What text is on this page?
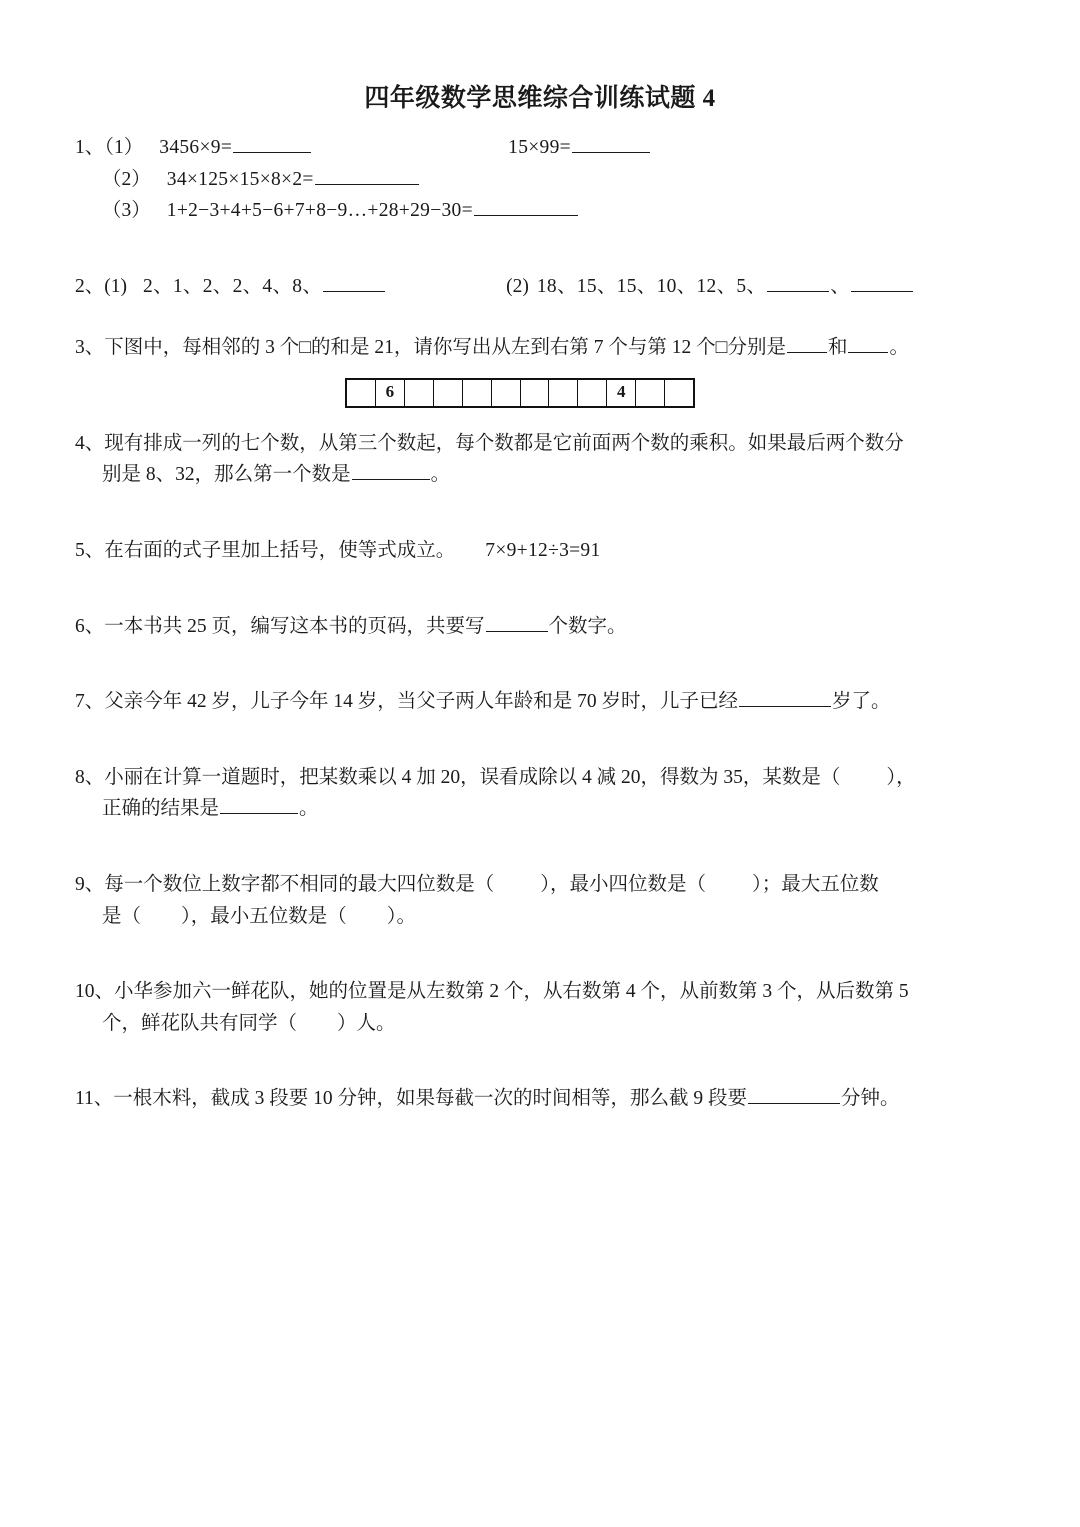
四年级数学思维综合训练试题 4
1、（1） 3456×9=	15×99=
（2） 34×125×15×8×2=
（3） 1+2−3+4+5−6+7+8−9…+28+29−30=
2、(1) 2、1、2、2、4、8、	(2) 18、15、15、10、12、5、	、
3、下图中，每相邻的 3 个□的和是 21，请你写出从左到右第 7 个与第 12 个□分别是 和 。
6	4
4、现有排成一列的七个数，从第三个数起，每个数都是它前面两个数的乘积。如果最后两个数分
别是 8、32，那么第一个数是	。
5、在右面的式子里加上括号，使等式成立。 7×9+12÷3=91
6、一本书共 25 页，编写这本书的页码，共要写	个数字。
7、父亲今年 42 岁，儿子今年 14 岁，当父子两人年龄和是 70 岁时，儿子已经	岁了。
8、小丽在计算一道题时，把某数乘以 4 加 20，误看成除以 4 减 20，得数为 35，某数是（ ），
正确的结果是	。
9、每一个数位上数字都不相同的最大四位数是（ ），最小四位数是（ ）；最大五位数
是（ ），最小五位数是（ ）。
10、小华参加六一鲜花队，她的位置是从左数第 2 个，从右数第 4 个，从前数第 3 个，从后数第 5
个，鲜花队共有同学（ ）人。
11、一根木料，截成 3 段要 10 分钟，如果每截一次的时间相等，那么截 9 段要	分钟。
